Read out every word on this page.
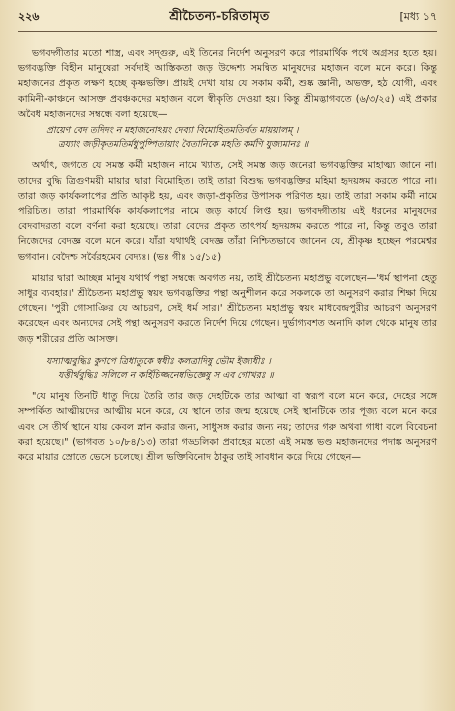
২২৬	শ্রীচৈতন্য-চরিতামৃত	[মধ্য ১৭

ভগবদ্গীতার মতো শাস্ত্র, এবং সদ্গুরু, এই তিনের নির্দেশ অনুসরণ করে পারমার্থিক পথে অগ্রসর হতে হয়। ভগবদ্ভক্তি বিহীন মানুষেরা সর্বদাই আস্তিকতা জড় উদ্দেশ্য সমন্বিত মানুষদের মহাজন বলে মনে করে। কিন্তু মহাজনের প্রকৃত লক্ষণ হচ্ছে কৃষ্ণভক্তি। প্রায়ই দেখা যায় যে সকাম কর্মী, শুষ্ক জ্ঞানী, অভক্ত, হঠ যোগী, এবং কামিনী-কাঞ্চনে আসক্ত প্রবঞ্চকদের মহাজন বলে স্বীকৃতি দেওয়া হয়। কিন্তু শ্রীমদ্ভাগবতে (৬/৩/২৫) এই প্রকার অবৈধ মহাজনদের সম্বন্ধে বলা হয়েছে—

প্রায়েণ বেদ তদিদং ন মহাজনোঽয়ং দেব্যা বিমোহিতমতির্বত মায়য়ালম্ ।
ত্রয্যাং জড়ীকৃতমতির্মধুপুষ্পিতায়াং বৈতানিকে মহতি কর্মণি যুজ্যমানঃ ॥

অর্থাৎ, জগতে যে সমস্ত কর্মী মহাজন নামে খ্যাত, সেই সমস্ত জড় জনেরা ভগবদ্ভক্তির মাহাত্ম্য জানে না। তাদের বুদ্ধি ত্রিগুণময়ী মায়ার দ্বারা বিমোহিত। তাই তারা বিশুদ্ধ ভগবদ্ভক্তির মহিমা হৃদয়ঙ্গম করতে পারে না। তারা জড় কার্যকলাপের প্রতি আকৃষ্ট হয়, এবং জড়া-প্রকৃতির উপাসক পরিণত হয়। তাই তারা সকাম কর্মী নামে পরিচিত। তারা পারমার্থিক কার্যকলাপের নামে জড় কার্যে লিপ্ত হয়। ভগবদ্গীতায় এই ধরনের মানুষদের বেদবাদরতা বলে বর্ণনা করা হয়েছে। তারা বেদের প্রকৃত তাৎপর্য হৃদয়ঙ্গম করতে পারে না, কিন্তু তবুও তারা নিজেদের বেদজ্ঞ বলে মনে করে। যাঁরা যথার্থই বেদজ্ঞ তাঁরা নিশ্চিতভাবে জানেন যে, শ্রীকৃষ্ণ হচ্ছেন পরমেশ্বর ভগবান। বেদৈশ্চ সর্বৈরহমেব বেদ্যঃ। (ভঃ গীঃ ১৫/১৫)

মায়ার দ্বারা আচ্ছন্ন মানুষ যথার্থ পন্থা সম্বন্ধে অবগত নয়, তাই শ্রীচৈতন্য মহাপ্রভু বলেছেন—'ধর্ম স্থাপনা হেতু সাধুর ব্যবহার।' শ্রীচৈতন্য মহাপ্রভু স্বয়ং ভগবদ্ভক্তির পন্থা অনুশীলন করে সকলকে তা অনুসরণ করার শিক্ষা দিয়ে গেছেন। 'পুরী গোসাঞির যে আচরণ, সেই ধর্ম সার।' শ্রীচৈতন্য মহাপ্রভু স্বয়ং মাধবেন্দ্রপুরীর আচরণ অনুসরণ করেছেন এবং অন্যদের সেই পন্থা অনুসরণ করতে নির্দেশ দিয়ে গেছেন। দুর্ভাগ্যবশত অনাদি কাল থেকে মানুষ তার জড় শরীরের প্রতি আসক্ত।

যস্যাত্মবুদ্ধিঃ কুণপে ত্রিধাতুকে স্বধীঃ কলত্রাদিষু ভৌম ইজ্যধীঃ ।
যত্তীর্থবুদ্ধিঃ সলিলে ন কর্হিচিজ্জনেষ্বভিজ্ঞেষু স এব গোখরঃ ॥

"যে মানুষ তিনটি ধাতু দিয়ে তৈরি তার জড় দেহটিকে তার আত্মা বা স্বরূপ বলে মনে করে, দেহের সঙ্গে সম্পর্কিত আত্মীয়দের আত্মীয় মনে করে, যে স্থানে তার জন্ম হয়েছে সেই স্থানটিকে তার পূজ্য বলে মনে করে এবং সে তীর্থ স্থানে যায় কেবল স্নান করার জন্য, সাধুসঙ্গ করার জন্য নয়; তাদের গরু অথবা গাধা বলে বিবেচনা করা হয়েছে।" (ভাগবত ১০/৮৪/১৩) তারা গড্ডলিকা প্রবাহের মতো এই সমস্ত ভণ্ড মহাজনদের পদাঙ্ক অনুসরণ করে মায়ার স্রোতে ভেসে চলেছে। শ্রীল ভক্তিবিনোদ ঠাকুর তাই সাবধান করে দিয়ে গেছেন—
